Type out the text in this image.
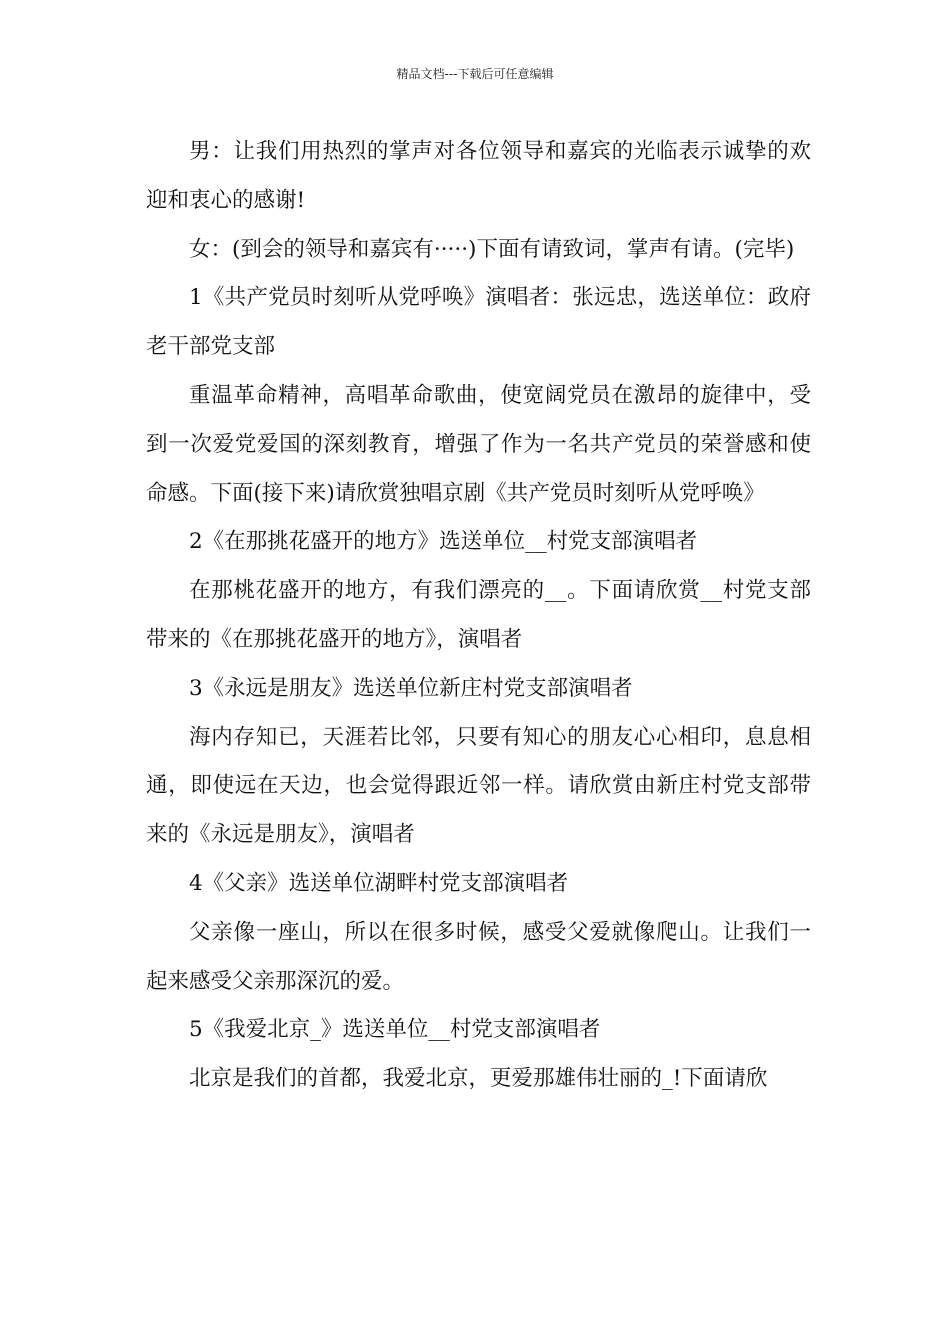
精品文档---下载后可任意编辑

男：让我们用热烈的掌声对各位领导和嘉宾的光临表示诚挚的欢迎和衷心的感谢!

女：(到会的领导和嘉宾有·····)下面有请致词，掌声有请。(完毕)

1《共产党员时刻听从党呼唤》演唱者：张远忠，选送单位：政府老干部党支部

重温革命精神，高唱革命歌曲，使宽阔党员在激昂的旋律中，受到一次爱党爱国的深刻教育，增强了作为一名共产党员的荣誉感和使命感。下面(接下来)请欣赏独唱京剧《共产党员时刻听从党呼唤》

2《在那挑花盛开的地方》选送单位__村党支部演唱者

在那桃花盛开的地方，有我们漂亮的__。下面请欣赏__村党支部带来的《在那挑花盛开的地方》，演唱者

3《永远是朋友》选送单位新庄村党支部演唱者

海内存知已，天涯若比邻，只要有知心的朋友心心相印，息息相通，即使远在天边，也会觉得跟近邻一样。请欣赏由新庄村党支部带来的《永远是朋友》，演唱者

4《父亲》选送单位湖畔村党支部演唱者

父亲像一座山，所以在很多时候，感受父爱就像爬山。让我们一起来感受父亲那深沉的爱。

5《我爱北京_》选送单位__村党支部演唱者

北京是我们的首都，我爱北京，更爱那雄伟壮丽的_!下面请欣
